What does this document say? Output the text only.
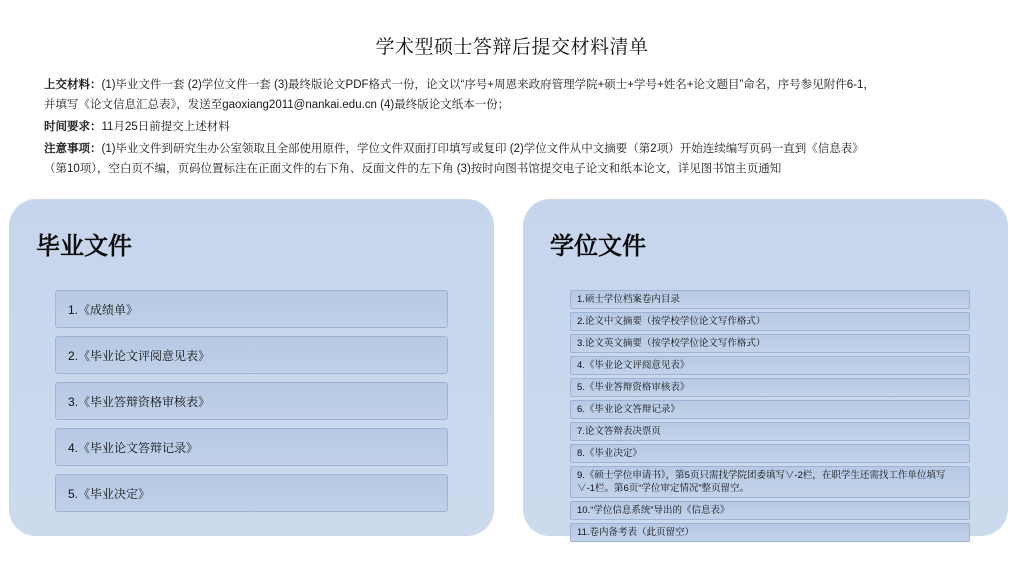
学术型硕士答辩后提交材料清单
上交材料：(1)毕业文件一套 (2)学位文件一套 (3)最终版论文PDF格式一份，论文以“序号+周恩来政府管理学院+硕士+学号+姓名+论文题目”命名，序号参见附件6-1，
并填写《论文信息汇总表》，发送至gaoxiang2011@nankai.edu.cn (4)最终版论文纸本一份；
时间要求：11月25日前提交上述材料
注意事项：(1)毕业文件到研究生办公室领取且全部使用原件，学位文件双面打印填写或复印 (2)学位文件从中文摘要（第2项）开始连续编写页码一直到《信息表》
（第10项），空白页不编，页码位置标注在正面文件的右下角、反面文件的左下角 (3)按时向图书馆提交电子论文和纸本论文，详见图书馆主页通知
毕业文件
1.《成绩单》
2.《毕业论文评阅意见表》
3.《毕业答辩资格审核表》
4.《毕业论文答辩记录》
5.《毕业决定》
学位文件
1.硕士学位档案卷内目录
2.论文中文摘要（按学校学位论文写作格式）
3.论文英文摘要（按学校学位论文写作格式）
4.《毕业论文评阅意见表》
5.《毕业答辩资格审核表》
6.《毕业论文答辩记录》
7.论文答辩表决票页
8.《毕业决定》
9.《硕士学位申请书》，第5页只需找学院团委填写∨-2栏，在职学生还需找工作单位填写∨-1栏。第6页“学位审定情况”整页留空。
10.“学位信息系统”导出的《信息表》
11.卷内备考表（此页留空）
